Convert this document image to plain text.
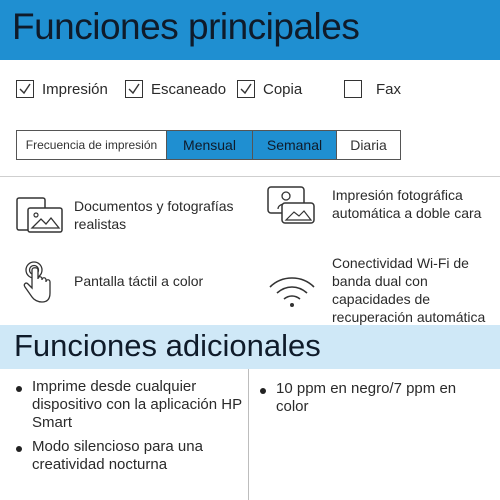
Funciones principales
Impresión	Escaneado Copia	Fax
Frecuencia de impresión	Mensual	Semanal	Diaria
Documentos y fotografías realistas
Impresión fotográfica automática a doble cara
Pantalla táctil a color
Conectividad Wi-Fi de banda dual con capacidades de recuperación automática
Funciones adicionales
Imprime desde cualquier dispositivo con la aplicación HP Smart
Modo silencioso para una creatividad nocturna
10 ppm en negro/7 ppm en color
